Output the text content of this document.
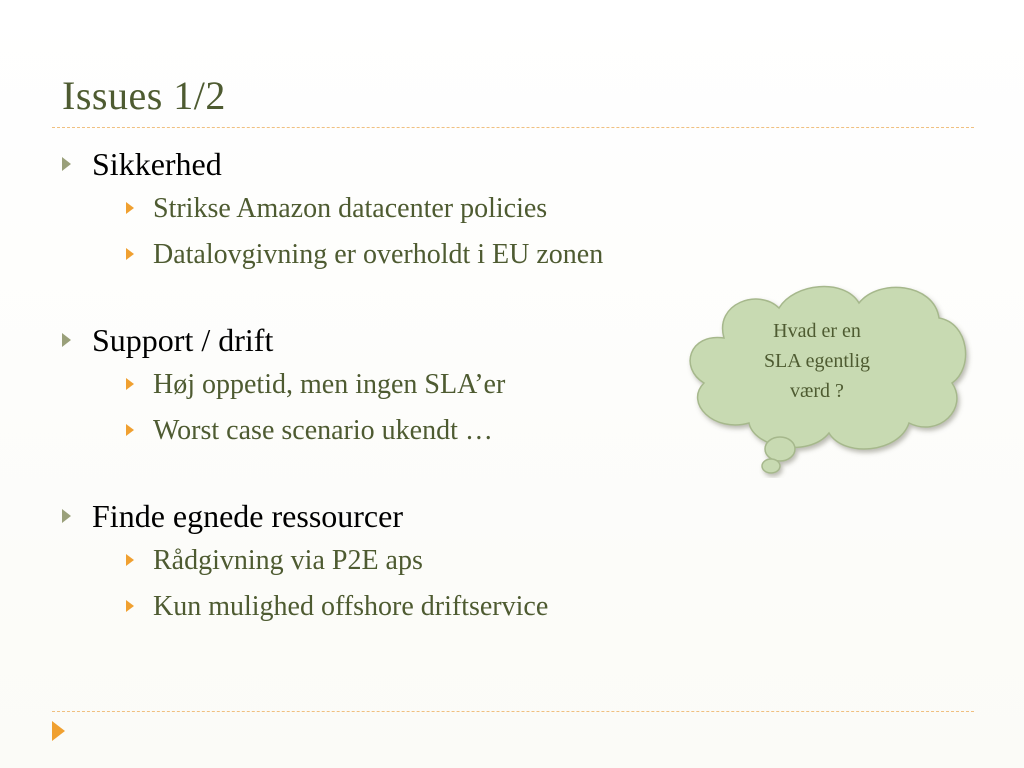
Issues 1/2
Sikkerhed
Strikse Amazon datacenter policies
Datalovgivning er overholdt i EU zonen
Support / drift
Høj oppetid, men ingen SLA’er
Worst case scenario ukendt …
Finde egnede ressourcer
Rådgivning via P2E aps
Kun mulighed offshore driftservice
Hvad er en
SLA egentlig
værd ?
